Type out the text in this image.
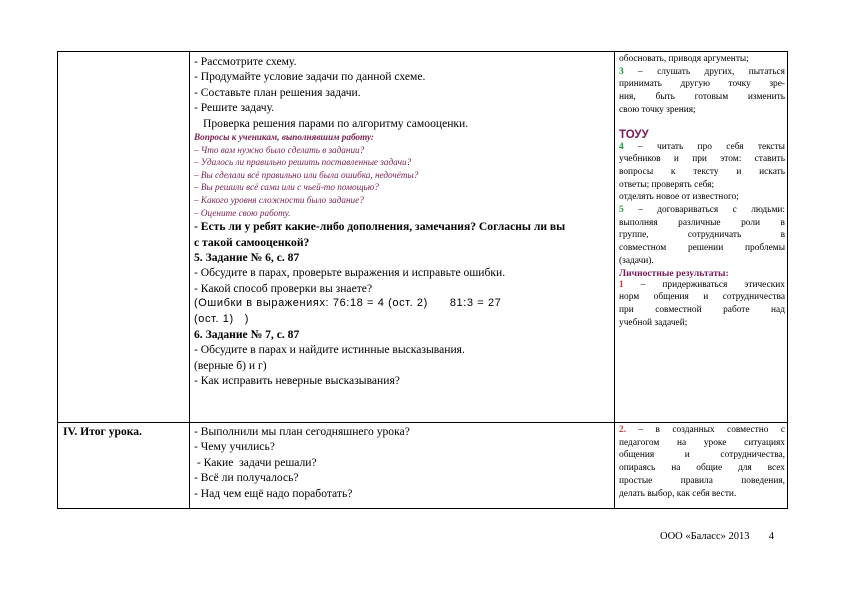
- Рассмотрите схему.
- Продумайте условие задачи по данной схеме.
- Составьте план решения задачи.
- Решите задачу.
Проверка решения парами по алгоритму самооценки.
Вопросы к ученикам, выполнявшим работу:
– Что вам нужно было сделать в задании?
– Удалось ли правильно решить поставленные задачи?
– Вы сделали всё правильно или была ошибка, недочёты?
– Вы решили всё сами или с чьей-то помощью?
– Какого уровня сложности было задание?
– Оцените свою работу.
- Есть ли у ребят какие-либо дополнения, замечания? Согласны ли вы
с такой самооценкой?
5. Задание № 6, с. 87
- Обсудите в парах, проверьте выражения и исправьте ошибки.
- Какой способ проверки вы знаете?
(Ошибки в выражениях: 76:18 = 4 (ост. 2)      81:3 = 27
(ост. 1)   )
6. Задание № 7, с. 87
- Обсудите в парах и найдите истинные высказывания.
(верные б) и г)
- Как исправить неверные высказывания?
обосновать, приводя аргументы;
3 – слушать других, пытаться
принимать другую точку зре-
ния, быть готовым изменить
свою точку зрения;
ТОУУ
4 – читать про себя тексты
учебников и при этом: ставить
вопросы к тексту и искать
ответы; проверять себя;
отделять новое от известного;
5 – договариваться с людьми:
выполняя различные роли в
группе, сотрудничать в
совместном решении проблемы
(задачи).
Личностные результаты:
1 – придерживаться этических
норм общения и сотрудничества
при совместной работе над
учебной задачей;
IV. Итог урока.	- Выполнили мы план сегодняшнего урока?
- Чему учились?
- Какие  задачи решали?
- Всё ли получалось?
- Над чем ещё надо поработать?
2. – в созданных совместно с
педагогом на уроке ситуациях
общения и сотрудничества,
опираясь на общие для всех
простые правила поведения,
делать выбор, как себя вести.
ООО «Баласс» 2013 4
